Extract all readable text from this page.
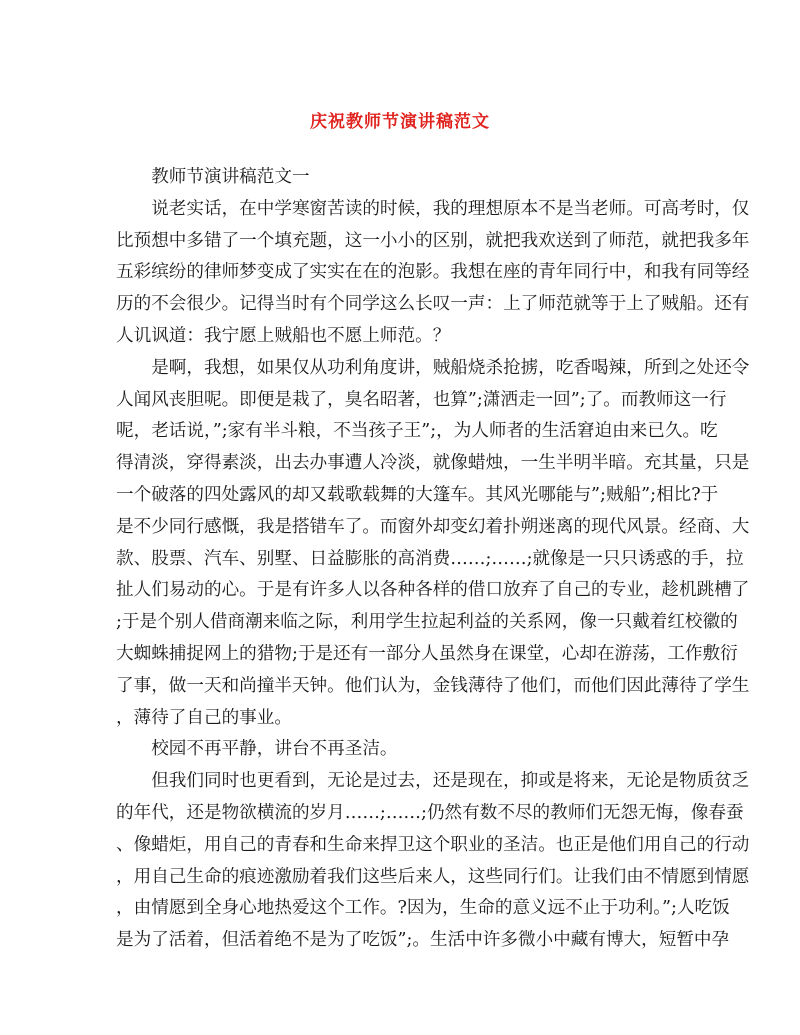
庆祝教师节演讲稿范文
教师节演讲稿范文一
说老实话，在中学寒窗苦读的时候，我的理想原本不是当老师。可高考时，仅
比预想中多错了一个填充题，这一小小的区别，就把我欢送到了师范，就把我多年
五彩缤纷的律师梦变成了实实在在的泡影。我想在座的青年同行中，和我有同等经
历的不会很少。记得当时有个同学这么长叹一声：上了师范就等于上了贼船。还有
人讥讽道：我宁愿上贼船也不愿上师范。？
是啊，我想，如果仅从功利角度讲，贼船烧杀抢掳，吃香喝辣，所到之处还令
人闻风丧胆呢。即便是栽了，臭名昭著，也算”;潇洒走一回”;了。而教师这一行
呢，老话说，”;家有半斗粮，不当孩子王”;，为人师者的生活窘迫由来已久。吃
得清淡，穿得素淡，出去办事遭人冷淡，就像蜡烛，一生半明半暗。充其量，只是
一个破落的四处露风的却又载歌载舞的大篷车。其风光哪能与”;贼船”;相比?于
是不少同行感慨，我是搭错车了。而窗外却变幻着扑朔迷离的现代风景。经商、大
款、股票、汽车、别墅、日益膨胀的高消费……;……;就像是一只只诱惑的手，拉
扯人们易动的心。于是有许多人以各种各样的借口放弃了自己的专业，趁机跳槽了
;于是个别人借商潮来临之际，利用学生拉起利益的关系网，像一只戴着红校徽的
大蜘蛛捕捉网上的猎物;于是还有一部分人虽然身在课堂，心却在游荡，工作敷衍
了事，做一天和尚撞半天钟。他们认为，金钱薄待了他们，而他们因此薄待了学生
，薄待了自己的事业。
校园不再平静，讲台不再圣洁。
但我们同时也更看到，无论是过去，还是现在，抑或是将来，无论是物质贫乏
的年代，还是物欲横流的岁月……;……;仍然有数不尽的教师们无怨无悔，像春蚕
、像蜡炬，用自己的青春和生命来捍卫这个职业的圣洁。也正是他们用自己的行动
，用自己生命的痕迹激励着我们这些后来人，这些同行们。让我们由不情愿到情愿
，由情愿到全身心地热爱这个工作。?因为，生命的意义远不止于功利。”;人吃饭
是为了活着，但活着绝不是为了吃饭”;。生活中许多微小中藏有博大，短暂中孕
